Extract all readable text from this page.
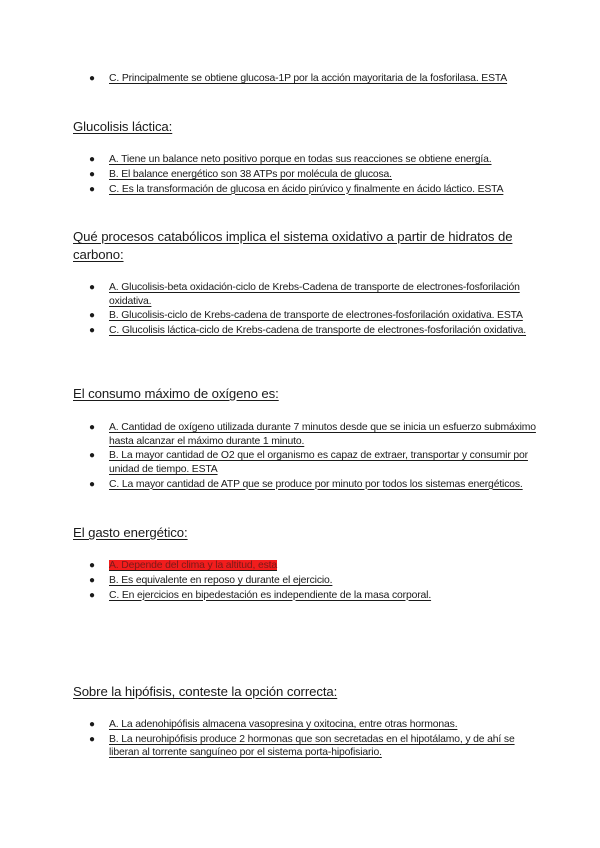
● C. Principalmente se obtiene glucosa-1P por la acción mayoritaria de la fosforilasa. ESTA
Glucolisis láctica:
● A. Tiene un balance neto positivo porque en todas sus reacciones se obtiene energía.
● B. El balance energético son 38 ATPs por molécula de glucosa.
● C. Es la transformación de glucosa en ácido pirúvico y finalmente en ácido láctico. ESTA
Qué procesos catabólicos implica el sistema oxidativo a partir de hidratos de carbono:
● A. Glucolisis-beta oxidación-ciclo de Krebs-Cadena de transporte de electrones-fosforilación oxidativa.
● B. Glucolisis-ciclo de Krebs-cadena de transporte de electrones-fosforilación oxidativa. ESTA
● C. Glucolisis láctica-ciclo de Krebs-cadena de transporte de electrones-fosforilación oxidativa.
El consumo máximo de oxígeno es:
● A. Cantidad de oxígeno utilizada durante 7 minutos desde que se inicia un esfuerzo submáximo hasta alcanzar el máximo durante 1 minuto.
● B. La mayor cantidad de O2 que el organismo es capaz de extraer, transportar y consumir por unidad de tiempo. ESTA
● C. La mayor cantidad de ATP que se produce por minuto por todos los sistemas energéticos.
El gasto energético:
● A. Depende del clima y la altitud, esta
● B. Es equivalente en reposo y durante el ejercicio.
● C. En ejercicios en bipedestación es independiente de la masa corporal.
Sobre la hipófisis, conteste la opción correcta:
● A. La adenohipófisis almacena vasopresina y oxitocina, entre otras hormonas.
● B. La neurohipófisis produce 2 hormonas que son secretadas en el hipotálamo, y de ahí se liberan al torrente sanguíneo por el sistema porta-hipofisiario.
